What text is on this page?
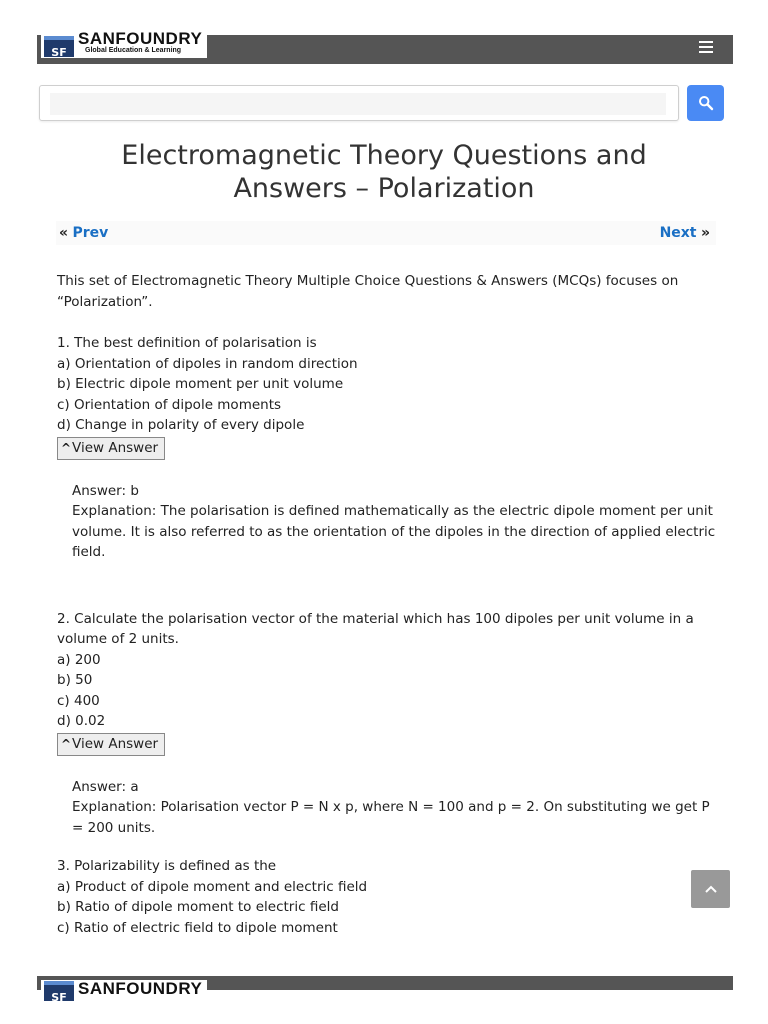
SF
SANFOUNDRY
Global Education & Learning
Electromagnetic Theory Questions and
Answers – Polarization
« Prev	Next »
This set of Electromagnetic Theory Multiple Choice Questions & Answers (MCQs) focuses on
“Polarization”.
1. The best definition of polarisation is
a) Orientation of dipoles in random direction
b) Electric dipole moment per unit volume
c) Orientation of dipole moments
d) Change in polarity of every dipole
^View Answer
Answer: b
Explanation: The polarisation is defined mathematically as the electric dipole moment per unit volume. It is also referred to as the orientation of the dipoles in the direction of applied electric field.
2. Calculate the polarisation vector of the material which has 100 dipoles per unit volume in a
volume of 2 units.
a) 200
b) 50
c) 400
d) 0.02
^View Answer
Answer: a
Explanation: Polarisation vector P = N x p, where N = 100 and p = 2. On substituting we get P = 200 units.
3. Polarizability is defined as the
a) Product of dipole moment and electric field
b) Ratio of dipole moment to electric field
c) Ratio of electric field to dipole moment
SF SANFOUNDRY
